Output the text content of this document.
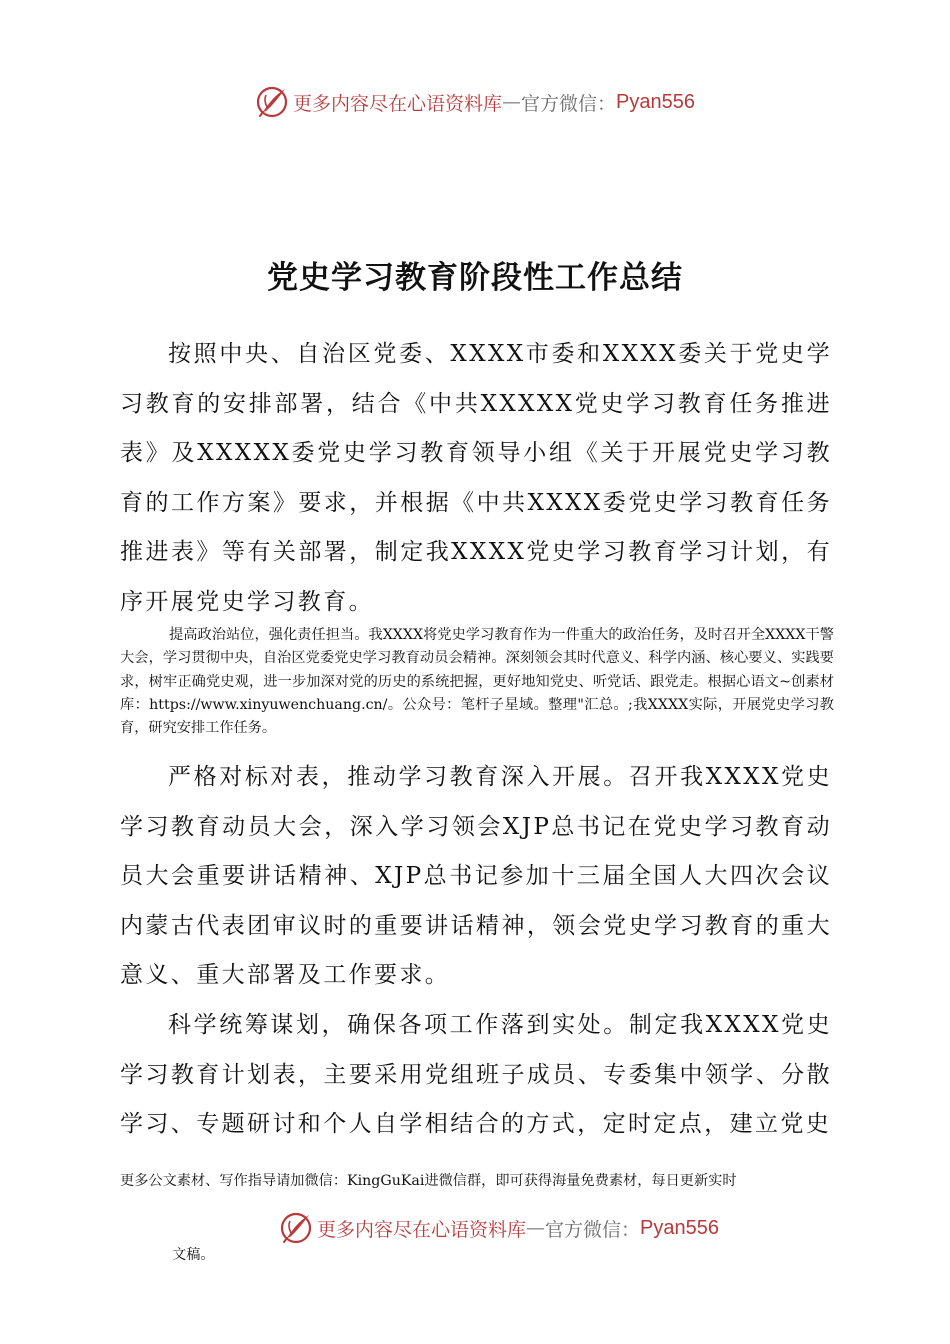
更多内容尽在心语资料库 — 官方微信： Pyan556
党史学习教育阶段性工作总结

按照中央、自治区党委、XXXX市委和XXXX委关于党史学习教育的安排部署，结合《中共XXXXX党史学习教育任务推进表》及XXXXX委党史学习教育领导小组《关于开展党史学习教育的工作方案》要求，并根据《中共XXXX委党史学习教育任务推进表》等有关部署，制定我XXXX党史学习教育学习计划，有序开展党史学习教育。

提高政治站位，强化责任担当。我XXXX将党史学习教育作为一件重大的政治任务，及时召开全XXXX干警大会，学习贯彻中央，自治区党委党史学习教育动员会精神。深刻领会其时代意义、科学内涵、核心要义、实践要求，树牢正确党史观，进一步加深对党的历史的系统把握，更好地知党史、听党话、跟党走。根据心语文~创素材库：https://www.xinyuwenchuang.cn/。公众号：笔杆子星域。整理"汇总。;我XXXX实际，开展党史学习教育，研究安排工作任务。

严格对标对表，推动学习教育深入开展。召开我XXXX党史学习教育动员大会，深入学习领会XJP总书记在党史学习教育动员大会重要讲话精神、XJP总书记参加十三届全国人大四次会议内蒙古代表团审议时的重要讲话精神，领会党史学习教育的重大意义、重大部署及工作要求。

科学统筹谋划，确保各项工作落到实处。制定我XXXX党史学习教育计划表，主要采用党组班子成员、专委集中领学、分散学习、专题研讨和个人自学相结合的方式，定时定点，建立党史

更多公文素材、写作指导请加微信：KingGuKai进微信群，即可获得海量免费素材，每日更新实时

更多内容尽在心语资料库 — 官方微信： Pyan556

文稿。
